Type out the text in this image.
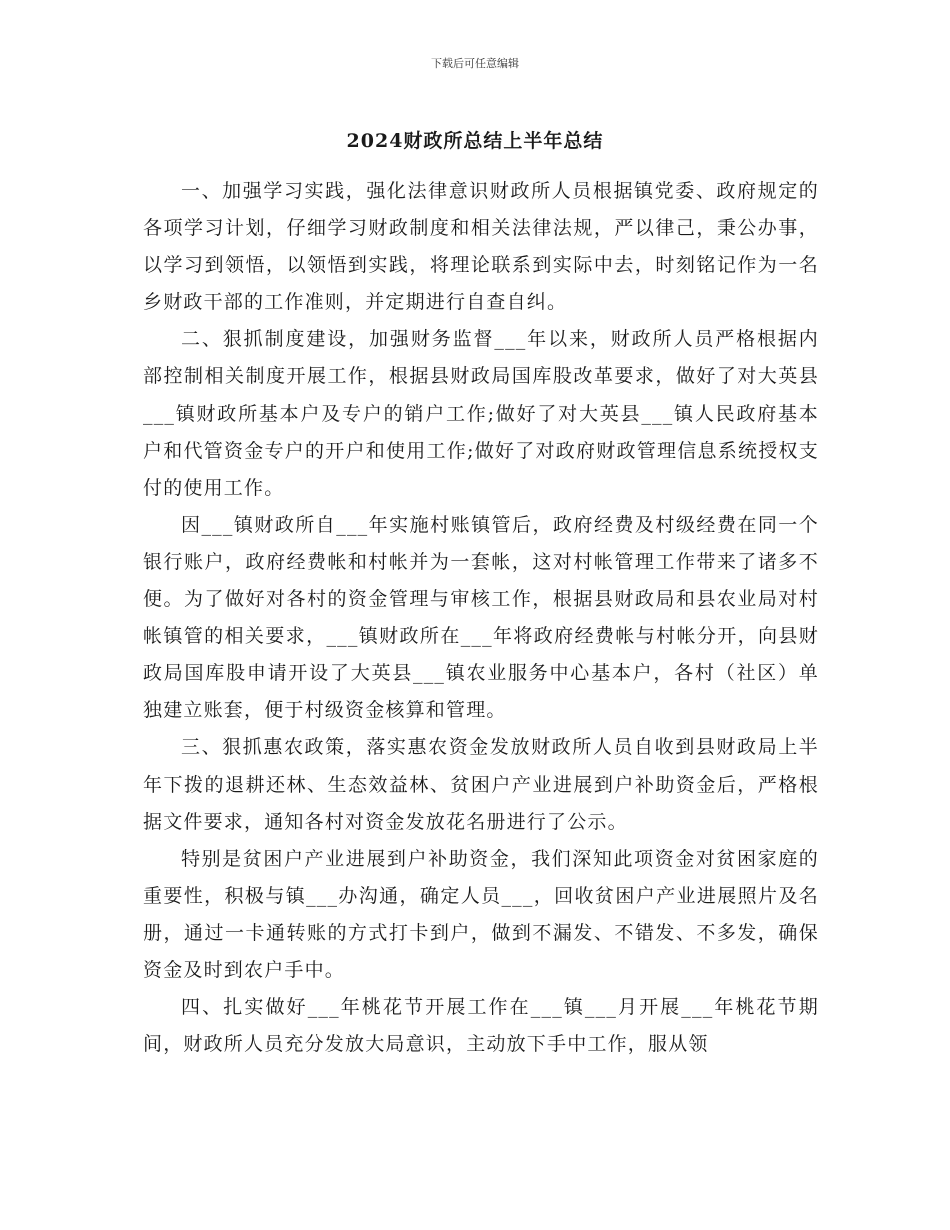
下载后可任意编辑
2024财政所总结上半年总结

一、加强学习实践，强化法律意识财政所人员根据镇党委、政府规定的各项学习计划，仔细学习财政制度和相关法律法规，严以律己，秉公办事，以学习到领悟，以领悟到实践，将理论联系到实际中去，时刻铭记作为一名乡财政干部的工作准则，并定期进行自查自纠。

二、狠抓制度建设，加强财务监督___年以来，财政所人员严格根据内部控制相关制度开展工作，根据县财政局国库股改革要求，做好了对大英县___镇财政所基本户及专户的销户工作;做好了对大英县___镇人民政府基本户和代管资金专户的开户和使用工作;做好了对政府财政管理信息系统授权支付的使用工作。

因___镇财政所自___年实施村账镇管后，政府经费及村级经费在同一个银行账户，政府经费帐和村帐并为一套帐，这对村帐管理工作带来了诸多不便。为了做好对各村的资金管理与审核工作，根据县财政局和县农业局对村帐镇管的相关要求，___镇财政所在___年将政府经费帐与村帐分开，向县财政局国库股申请开设了大英县___镇农业服务中心基本户，各村（社区）单独建立账套，便于村级资金核算和管理。

三、狠抓惠农政策，落实惠农资金发放财政所人员自收到县财政局上半年下拨的退耕还林、生态效益林、贫困户产业进展到户补助资金后，严格根据文件要求，通知各村对资金发放花名册进行了公示。

特别是贫困户产业进展到户补助资金，我们深知此项资金对贫困家庭的重要性，积极与镇___办沟通，确定人员___，回收贫困户产业进展照片及名册，通过一卡通转账的方式打卡到户，做到不漏发、不错发、不多发，确保资金及时到农户手中。

四、扎实做好___年桃花节开展工作在___镇___月开展___年桃花节期间，财政所人员充分发放大局意识，主动放下手中工作，服从领
